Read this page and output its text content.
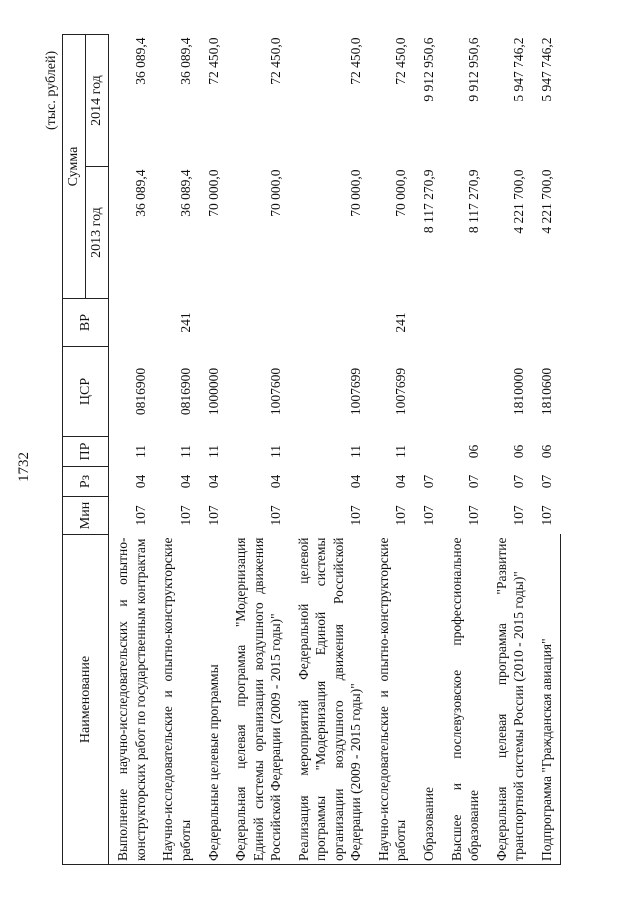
1732
(тыс. рублей)
Наименование	Мин	Рз	ПР	ЦСР	ВР	Сумма	
						2013 год	2014 год
Выполнение научно-исследовательских и опытно-конструкторских работ по государственным контрактам	107	04	11	0816900		36 089,4	36 089,4
Научно-исследовательские и опытно-конструкторские работы	107	04	11	0816900	241	36 089,4	36 089,4
Федеральные целевые программы	107	04	11	1000000		70 000,0	72 450,0
Федеральная целевая программа "Модернизация Единой системы организации воздушного движения Российской Федерации (2009 - 2015 годы)"	107	04	11	1007600		70 000,0	72 450,0
Реализация мероприятий Федеральной целевой программы "Модернизация Единой системы организации воздушного движения Российской Федерации (2009 - 2015 годы)"	107	04	11	1007699		70 000,0	72 450,0
Научно-исследовательские и опытно-конструкторские работы	107	04	11	1007699	241	70 000,0	72 450,0
Образование	107	07				8 117 270,9	9 912 950,6
Высшее и послевузовское профессиональное образование	107	07	06			8 117 270,9	9 912 950,6
Федеральная целевая программа "Развитие транспортной системы России (2010 - 2015 годы)"	107	07	06	1810000		4 221 700,0	5 947 746,2
Подпрограмма "Гражданская авиация"	107	07	06	1810600		4 221 700,0	5 947 746,2
